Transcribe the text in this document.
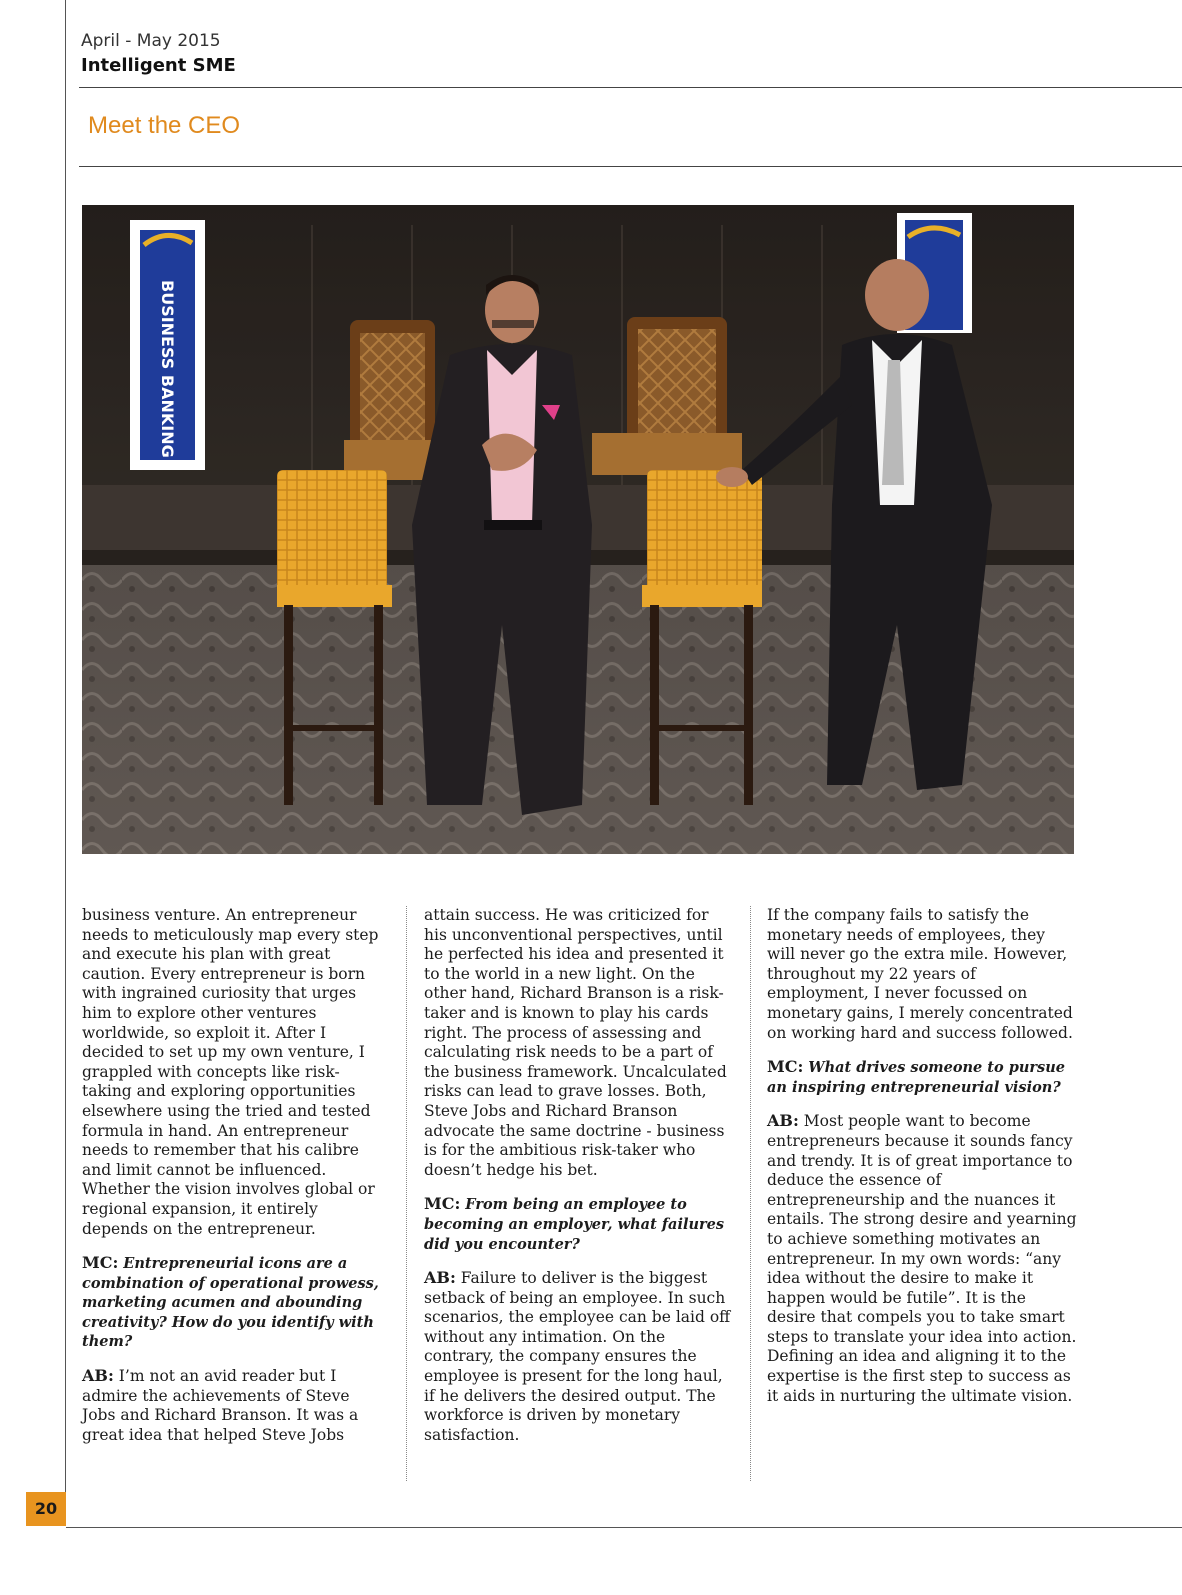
April - May 2015
Intelligent SME
Meet the CEO
BUSINESS BANKING

business venture. An entrepreneur needs to meticulously map every step and execute his plan with great caution. Every entrepreneur is born with ingrained curiosity that urges him to explore other ventures worldwide, so exploit it. After I decided to set up my own venture, I grappled with concepts like risk-taking and exploring opportunities elsewhere using the tried and tested formula in hand. An entrepreneur needs to remember that his calibre and limit cannot be influenced. Whether the vision involves global or regional expansion, it entirely depends on the entrepreneur.

MC: Entrepreneurial icons are a combination of operational prowess, marketing acumen and abounding creativity? How do you identify with them?

AB: I’m not an avid reader but I admire the achievements of Steve Jobs and Richard Branson. It was a great idea that helped Steve Jobs

attain success. He was criticized for his unconventional perspectives, until he perfected his idea and presented it to the world in a new light. On the other hand, Richard Branson is a risk-taker and is known to play his cards right. The process of assessing and calculating risk needs to be a part of the business framework. Uncalculated risks can lead to grave losses. Both, Steve Jobs and Richard Branson advocate the same doctrine - business is for the ambitious risk-taker who doesn’t hedge his bet.

MC: From being an employee to becoming an employer, what failures did you encounter?

AB: Failure to deliver is the biggest setback of being an employee. In such scenarios, the employee can be laid off without any intimation. On the contrary, the company ensures the employee is present for the long haul, if he delivers the desired output. The workforce is driven by monetary satisfaction.

If the company fails to satisfy the monetary needs of employees, they will never go the extra mile. However, throughout my 22 years of employment, I never focussed on monetary gains, I merely concentrated on working hard and success followed.

MC: What drives someone to pursue an inspiring entrepreneurial vision?

AB: Most people want to become entrepreneurs because it sounds fancy and trendy. It is of great importance to deduce the essence of entrepreneurship and the nuances it entails. The strong desire and yearning to achieve something motivates an entrepreneur. In my own words: “any idea without the desire to make it happen would be futile”. It is the desire that compels you to take smart steps to translate your idea into action. Defining an idea and aligning it to the expertise is the first step to success as it aids in nurturing the ultimate vision.

20
